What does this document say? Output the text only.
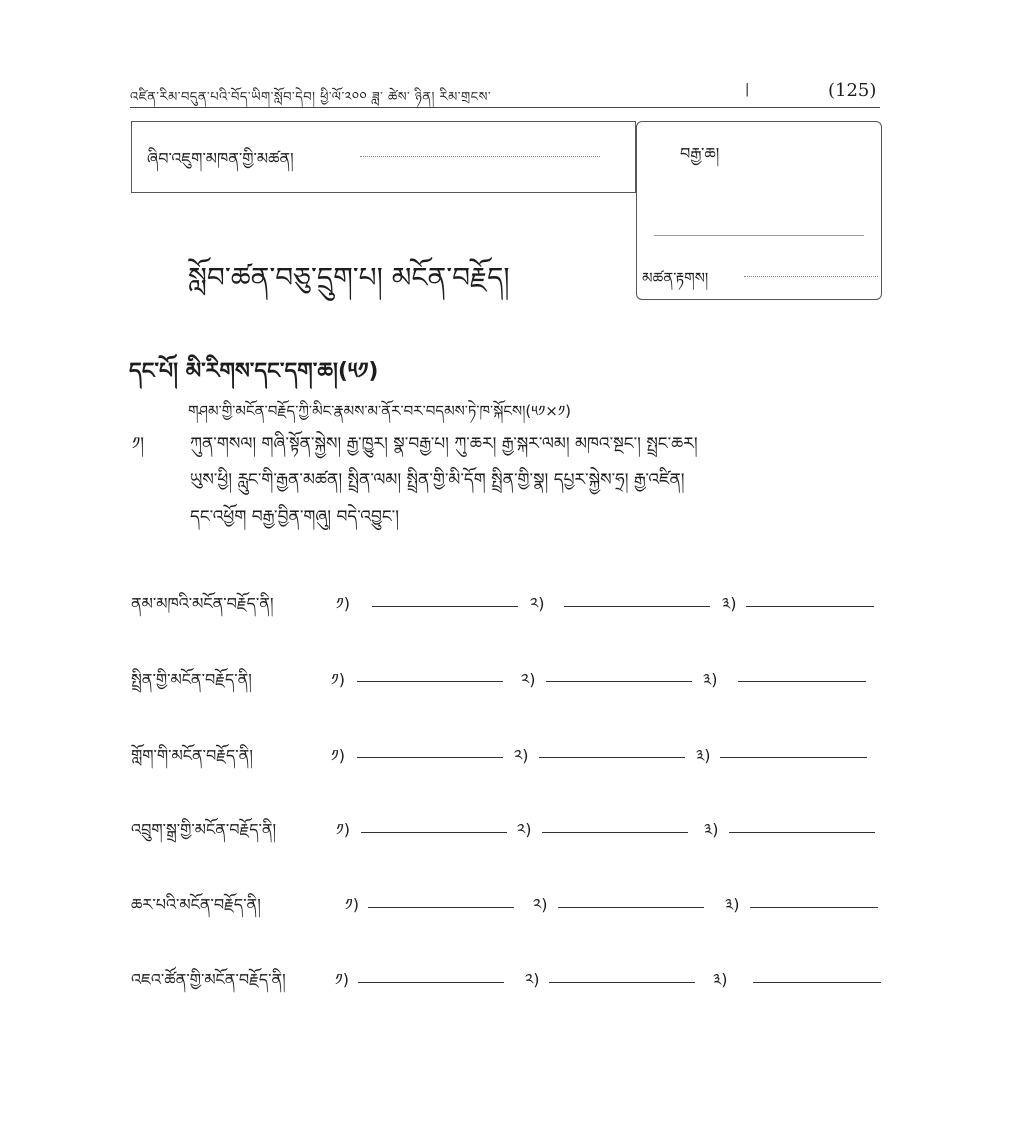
འཛིན་རིམ་བདུན་པའི་བོད་ཡིག་སློབ་དེབ། ཕྱི་ལོ་༢༠༠ ཟླ་ ཚེས་ ཉིན། རིམ་གྲངས་
|	(125)
ཞིབ་འཇུག་མཁན་གྱི་མཚན།	བརྒྱ་ཆ།
མཚན་རྟགས།
སློབ་ཚན་བཅུ་དྲུག་པ། མངོན་བརྗོད།
དང་པོ། མི་རིགས་དང་དག་ཆ།(༥༡)
གཤམ་གྱི་མངོན་བརྗོད་ཀྱི་མིང་རྣམས་མ་ནོར་བར་བདམས་ཏེ་ཁ་སྐོངས།(༥༡×༡)
༡།	ཀུན་གསལ། གཞི་སྟོན་སྐྱེས། རྒྱ་ཁྱུར། སྣ་བརྒྱ་པ། ཀུ་ཆར། རྒྱ་སྐར་ལམ། མཁའ་སྔང་། སྤྲང་ཆར།
ཡུས་ཕྱི། རླུང་གི་རྒྱན་མཚན། སྤྲིན་ལམ། སྤྲིན་གྱི་མི་དོག སྤྲིན་གྱི་སྣ། དཔྱར་སྐྱེས་ཧྲ། རྒྱ་འཛིན།
དང་འཕྱོག བརྒྱ་བྱིན་གཞུ། བདེ་འབྱུང་།
ནམ་མཁའི་མངོན་བརྗོད་ནི།	༡)	༢)	༣)
སྤྲིན་གྱི་མངོན་བརྗོད་ནི།	༡)	༢)	༣)
གློག་གི་མངོན་བརྗོད་ནི།	༡)	༢)	༣)
འབྲུག་སྒྲ་གྱི་མངོན་བརྗོད་ནི།	༡)	༢)	༣)
ཆར་པའི་མངོན་བརྗོད་ནི།	༡)	༢)	༣)
འཇའ་ཚོན་གྱི་མངོན་བརྗོད་ནི།	༡)	༢)	༣)
